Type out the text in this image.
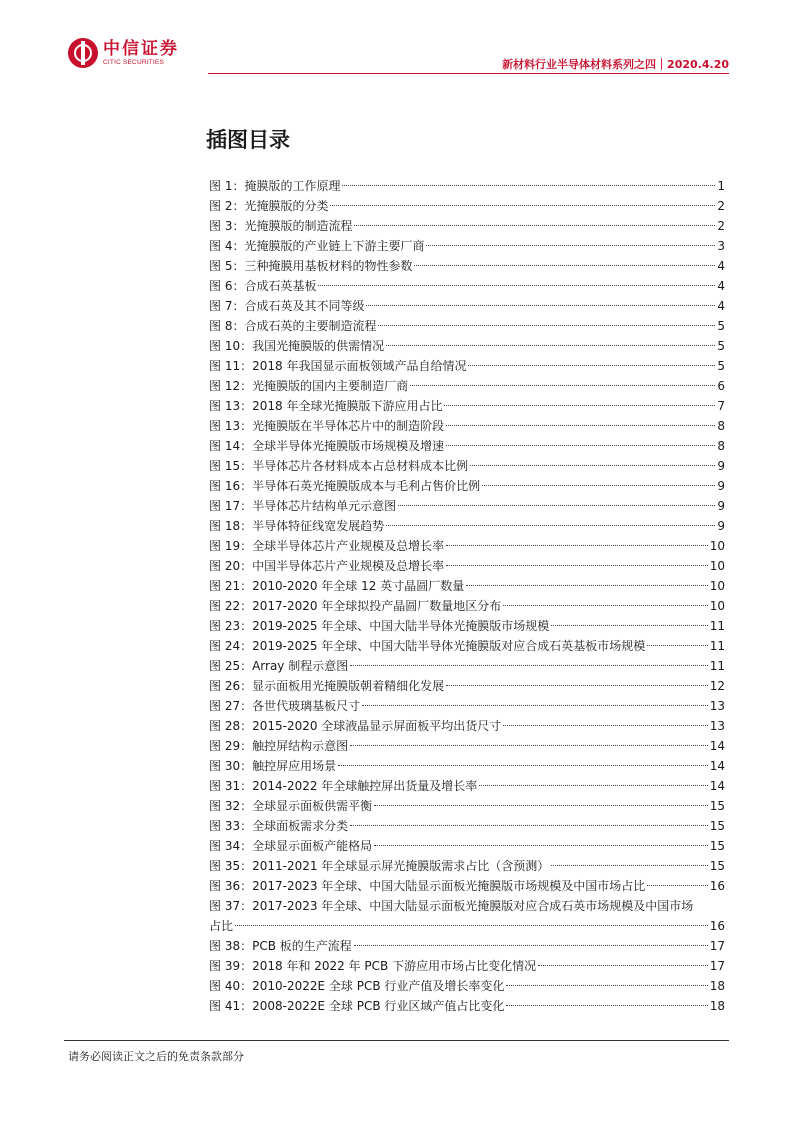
中信证券
CITIC SECURITIES	新材料行业半导体材料系列之四｜2020.4.20
插图目录
图 1：掩膜版的工作原理	1
图 2：光掩膜版的分类	2
图 3：光掩膜版的制造流程	2
图 4：光掩膜版的产业链上下游主要厂商	3
图 5：三种掩膜用基板材料的物性参数	4
图 6：合成石英基板	4
图 7：合成石英及其不同等级	4
图 8：合成石英的主要制造流程	5
图 10：我国光掩膜版的供需情况	5
图 11：2018 年我国显示面板领域产品自给情况	5
图 12：光掩膜版的国内主要制造厂商	6
图 13：2018 年全球光掩膜版下游应用占比	7
图 13：光掩膜版在半导体芯片中的制造阶段	8
图 14：全球半导体光掩膜版市场规模及增速	8
图 15：半导体芯片各材料成本占总材料成本比例	9
图 16：半导体石英光掩膜版成本与毛利占售价比例	9
图 17：半导体芯片结构单元示意图	9
图 18：半导体特征线宽发展趋势	9
图 19：全球半导体芯片产业规模及总增长率	10
图 20：中国半导体芯片产业规模及总增长率	10
图 21：2010-2020 年全球 12 英寸晶圆厂数量	10
图 22：2017-2020 年全球拟投产晶圆厂数量地区分布	10
图 23：2019-2025 年全球、中国大陆半导体光掩膜版市场规模	11
图 24：2019-2025 年全球、中国大陆半导体光掩膜版对应合成石英基板市场规模	11
图 25：Array 制程示意图	11
图 26：显示面板用光掩膜版朝着精细化发展	12
图 27：各世代玻璃基板尺寸	13
图 28：2015-2020 全球液晶显示屏面板平均出货尺寸	13
图 29：触控屏结构示意图	14
图 30：触控屏应用场景	14
图 31：2014-2022 年全球触控屏出货量及增长率	14
图 32：全球显示面板供需平衡	15
图 33：全球面板需求分类	15
图 34：全球显示面板产能格局	15
图 35：2011-2021 年全球显示屏光掩膜版需求占比（含预测）	15
图 36：2017-2023 年全球、中国大陆显示面板光掩膜版市场规模及中国市场占比	16
图 37：2017-2023 年全球、中国大陆显示面板光掩膜版对应合成石英市场规模及中国市场
占比	16
图 38：PCB 板的生产流程	17
图 39：2018 年和 2022 年 PCB 下游应用市场占比变化情况	17
图 40：2010-2022E 全球 PCB 行业产值及增长率变化	18
图 41：2008-2022E 全球 PCB 行业区域产值占比变化	18
请务必阅读正文之后的免责条款部分
